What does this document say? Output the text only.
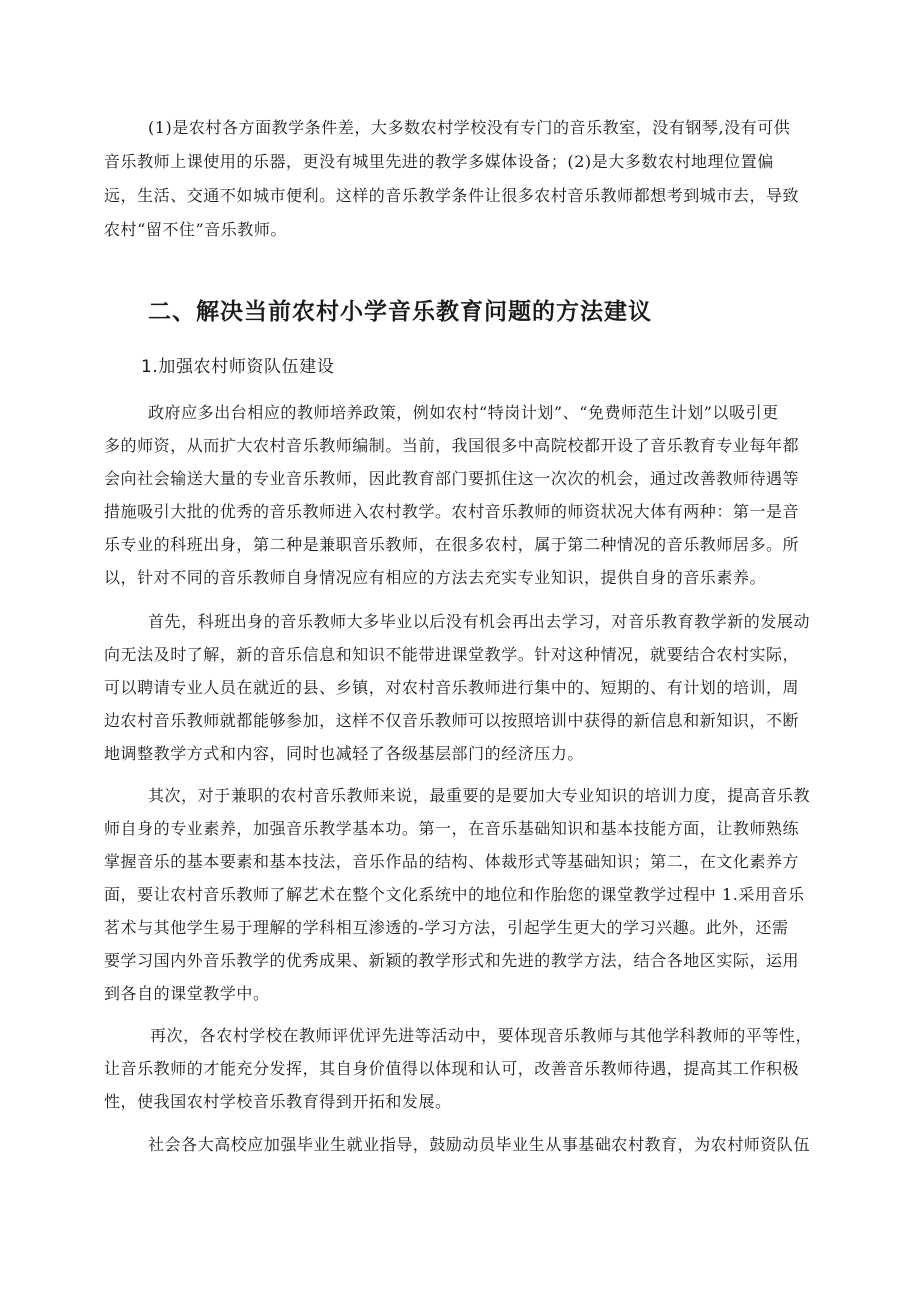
(1)是农村各方面教学条件差，大多数农村学校没有专门的音乐教室，没有钢琴,没有可供
音乐教师上课使用的乐器，更没有城里先进的教学多媒体设备；(2)是大多数农村地理位置偏
远，生活、交通不如城市便利。这样的音乐教学条件让很多农村音乐教师都想考到城市去，导致
农村“留不住”音乐教师。
二、解决当前农村小学音乐教育问题的方法建议
1.加强农村师资队伍建设
政府应多出台相应的教师培养政策，例如农村“特岗计划”、“免费师范生计划”以吸引更
多的师资，从而扩大农村音乐教师编制。当前，我国很多中高院校都开设了音乐教育专业每年都
会向社会输送大量的专业音乐教师，因此教育部门要抓住这一次次的机会，通过改善教师待遇等
措施吸引大批的优秀的音乐教师进入农村教学。农村音乐教师的师资状况大体有两种：第一是音
乐专业的科班出身，第二种是兼职音乐教师，在很多农村，属于第二种情况的音乐教师居多。所
以，针对不同的音乐教师自身情况应有相应的方法去充实专业知识，提供自身的音乐素养。
首先，科班出身的音乐教师大多毕业以后没有机会再出去学习，对音乐教育教学新的发展动
向无法及时了解，新的音乐信息和知识不能带进课堂教学。针对这种情况，就要结合农村实际，
可以聘请专业人员在就近的县、乡镇，对农村音乐教师进行集中的、短期的、有计划的培训，周
边农村音乐教师就都能够参加，这样不仅音乐教师可以按照培训中获得的新信息和新知识，不断
地调整教学方式和内容，同时也减轻了各级基层部门的经济压力。
其次，对于兼职的农村音乐教师来说，最重要的是要加大专业知识的培训力度，提高音乐教
师自身的专业素养，加强音乐教学基本功。第一，在音乐基础知识和基本技能方面，让教师熟练
掌握音乐的基本要素和基本技法，音乐作品的结构、体裁形式等基础知识；第二，在文化素养方
面，要让农村音乐教师了解艺术在整个文化系统中的地位和作胎您的课堂教学过程中 1.采用音乐
茗术与其他学生易于理解的学科相互渗透的-学习方法，引起学生更大的学习兴趣。此外，还需
要学习国内外音乐教学的优秀成果、新颖的教学形式和先进的教学方法，结合各地区实际，运用
到各自的课堂教学中。
再次，各农村学校在教师评优评先进等活动中，要体现音乐教师与其他学科教师的平等性，
让音乐教师的才能充分发挥，其自身价值得以体现和认可，改善音乐教师待遇，提高其工作积极
性，使我国农村学校音乐教育得到开拓和发展。
社会各大高校应加强毕业生就业指导，鼓励动员毕业生从事基础农村教育，为农村师资队伍
